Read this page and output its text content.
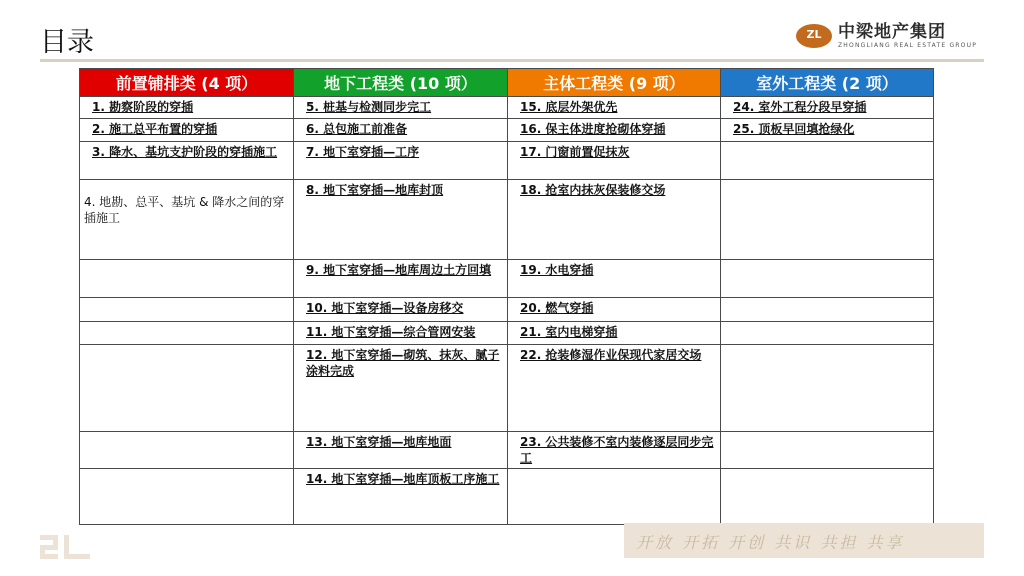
目录	ZL 中梁地产集团
ZHONGLIANG REAL ESTATE GROUP
前置铺排类 (4 项）	地下工程类 (10 项）	主体工程类 (9 项）	室外工程类 (2 项）
1. 勘察阶段的穿插	5. 桩基与检测同步完工	15. 底层外架优先	24. 室外工程分段早穿插
2. 施工总平布置的穿插	6. 总包施工前准备	16. 保主体进度抢砌体穿插	25. 顶板早回填抢绿化
3. 降水、基坑支护阶段的穿插施工	7. 地下室穿插—工序	17. 门窗前置促抹灰	
4. 地勘、总平、基坑 & 降水之间的穿插施工	8. 地下室穿插—地库封顶	18. 抢室内抹灰保装修交场	
	9. 地下室穿插—地库周边土方回填	19. 水电穿插	
	10. 地下室穿插—设备房移交	20. 燃气穿插	
	11. 地下室穿插—综合管网安装	21. 室内电梯穿插	
	12. 地下室穿插—砌筑、抹灰、腻子涂料完成	22. 抢装修湿作业保现代家居交场	
	13. 地下室穿插—地库地面	23. 公共装修不室内装修逐层同步完工	
	14. 地下室穿插—地库顶板工序施工		
开放 开拓 开创 共识 共担 共享
